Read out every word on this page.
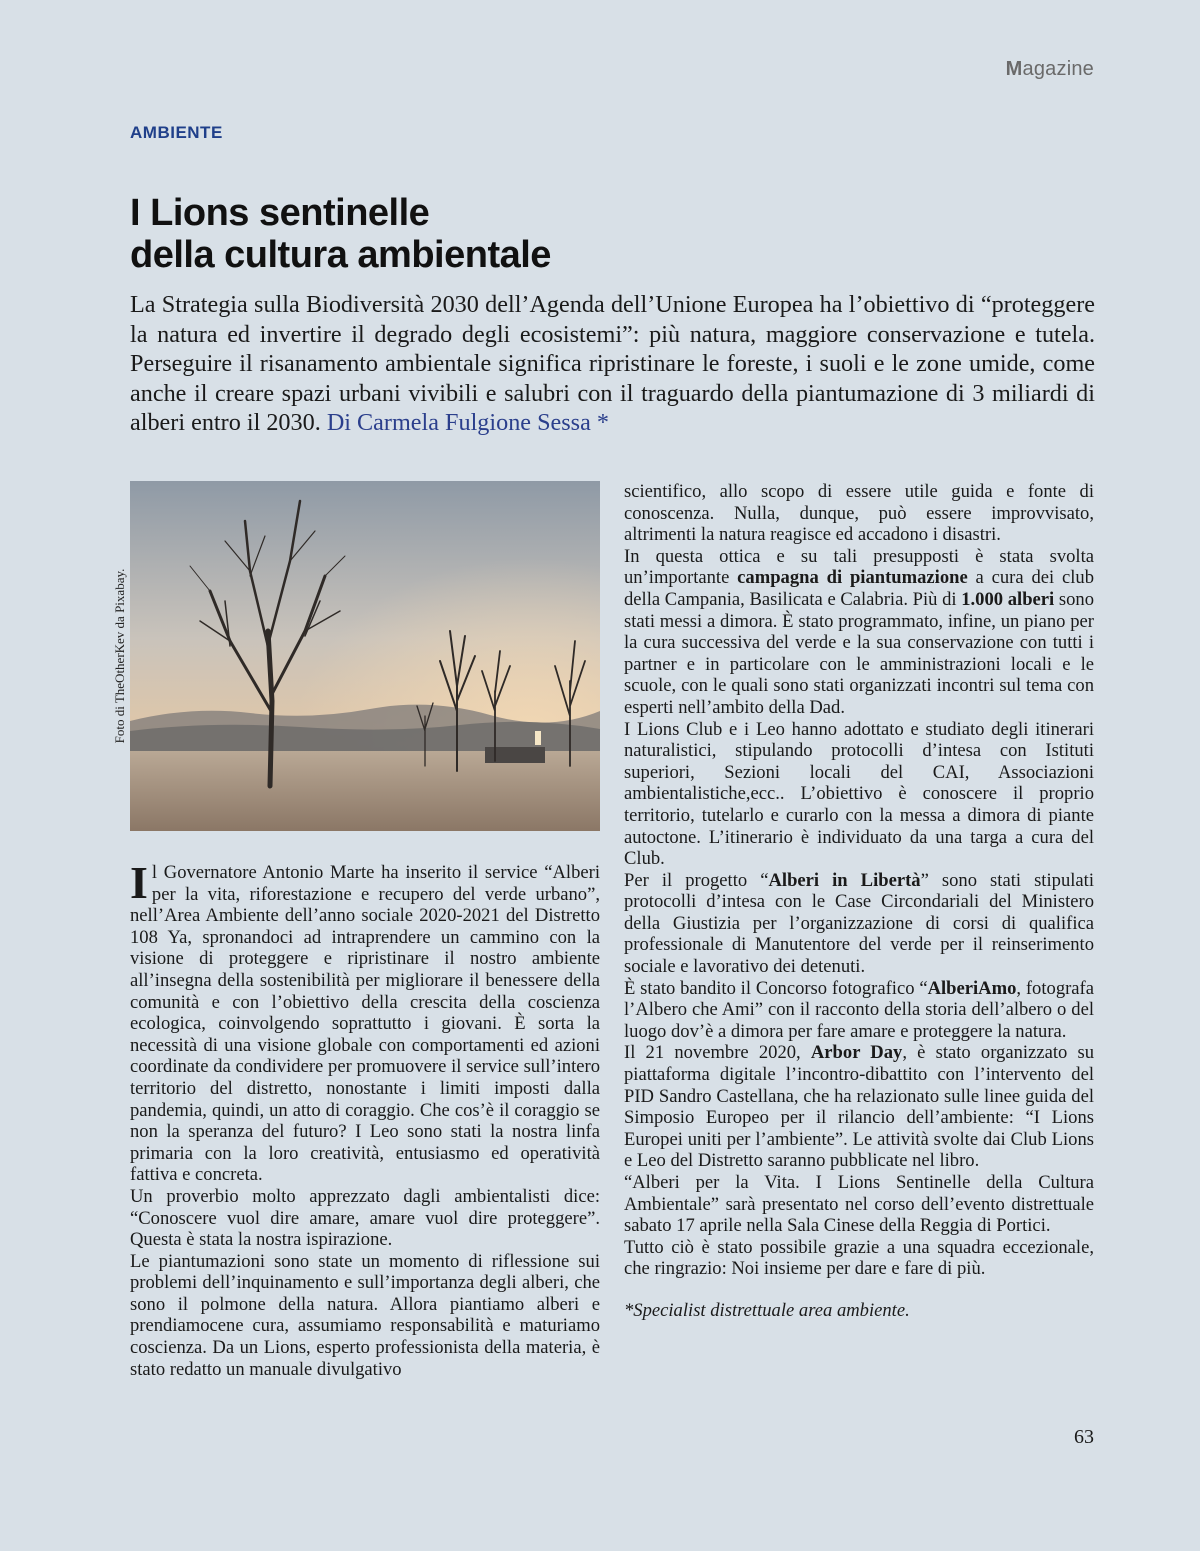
Magazine
AMBIENTE
I Lions sentinelle
della cultura ambientale

La Strategia sulla Biodiversità 2030 dell’Agenda dell’Unione Europea ha l’obiettivo di “proteggere la natura ed invertire il degrado degli ecosistemi”: più natura, maggiore conservazione e tutela. Perseguire il risanamento ambientale significa ripristinare le foreste, i suoli e le zone umide, come anche il creare spazi urbani vivibili e salubri con il traguardo della piantumazione di 3 miliardi di alberi entro il 2030. Di Carmela Fulgione Sessa *

Foto di TheOtherKev da Pixabay.

Il Governatore Antonio Marte ha inserito il service “Alberi per la vita, riforestazione e recupero del verde urbano”, nell’Area Ambiente dell’anno sociale 2020-2021 del Distretto 108 Ya, spronandoci ad intraprendere un cammino con la visione di proteggere e ripristinare il nostro ambiente all’insegna della sostenibilità per migliorare il benessere della comunità e con l’obiettivo della crescita della coscienza ecologica, coinvolgendo soprattutto i giovani. È sorta la necessità di una visione globale con comportamenti ed azioni coordinate da condividere per promuovere il service sull’intero territorio del distretto, nonostante i limiti imposti dalla pandemia, quindi, un atto di coraggio. Che cos’è il coraggio se non la speranza del futuro? I Leo sono stati la nostra linfa primaria con la loro creatività, entusiasmo ed operatività fattiva e concreta.

Un proverbio molto apprezzato dagli ambientalisti dice: “Conoscere vuol dire amare, amare vuol dire proteggere”. Questa è stata la nostra ispirazione.

Le piantumazioni sono state un momento di riflessione sui problemi dell’inquinamento e sull’importanza degli alberi, che sono il polmone della natura. Allora piantiamo alberi e prendiamocene cura, assumiamo responsabilità e maturiamo coscienza. Da un Lions, esperto professionista della materia, è stato redatto un manuale divulgativo

scientifico, allo scopo di essere utile guida e fonte di conoscenza. Nulla, dunque, può essere improvvisato, altrimenti la natura reagisce ed accadono i disastri.

In questa ottica e su tali presupposti è stata svolta un’importante campagna di piantumazione a cura dei club della Campania, Basilicata e Calabria. Più di 1.000 alberi sono stati messi a dimora. È stato programmato, infine, un piano per la cura successiva del verde e la sua conservazione con tutti i partner e in particolare con le amministrazioni locali e le scuole, con le quali sono stati organizzati incontri sul tema con esperti nell’ambito della Dad.

I Lions Club e i Leo hanno adottato e studiato degli itinerari naturalistici, stipulando protocolli d’intesa con Istituti superiori, Sezioni locali del CAI, Associazioni ambientalistiche,ecc.. L’obiettivo è conoscere il proprio territorio, tutelarlo e curarlo con la messa a dimora di piante autoctone. L’itinerario è individuato da una targa a cura del Club.

Per il progetto “Alberi in Libertà” sono stati stipulati protocolli d’intesa con le Case Circondariali del Ministero della Giustizia per l’organizzazione di corsi di qualifica professionale di Manutentore del verde per il reinserimento sociale e lavorativo dei detenuti.

È stato bandito il Concorso fotografico “AlberiAmo, fotografa l’Albero che Ami” con il racconto della storia dell’albero o del luogo dov’è a dimora per fare amare e proteggere la natura.

Il 21 novembre 2020, Arbor Day, è stato organizzato su piattaforma digitale l’incontro-dibattito con l’intervento del PID Sandro Castellana, che ha relazionato sulle linee guida del Simposio Europeo per il rilancio dell’ambiente: “I Lions Europei uniti per l’ambiente”. Le attività svolte dai Club Lions e Leo del Distretto saranno pubblicate nel libro.

“Alberi per la Vita. I Lions Sentinelle della Cultura Ambientale” sarà presentato nel corso dell’evento distrettuale sabato 17 aprile nella Sala Cinese della Reggia di Portici.

Tutto ciò è stato possibile grazie a una squadra eccezionale, che ringrazio: Noi insieme per dare e fare di più.

*Specialist distrettuale area ambiente.

63
